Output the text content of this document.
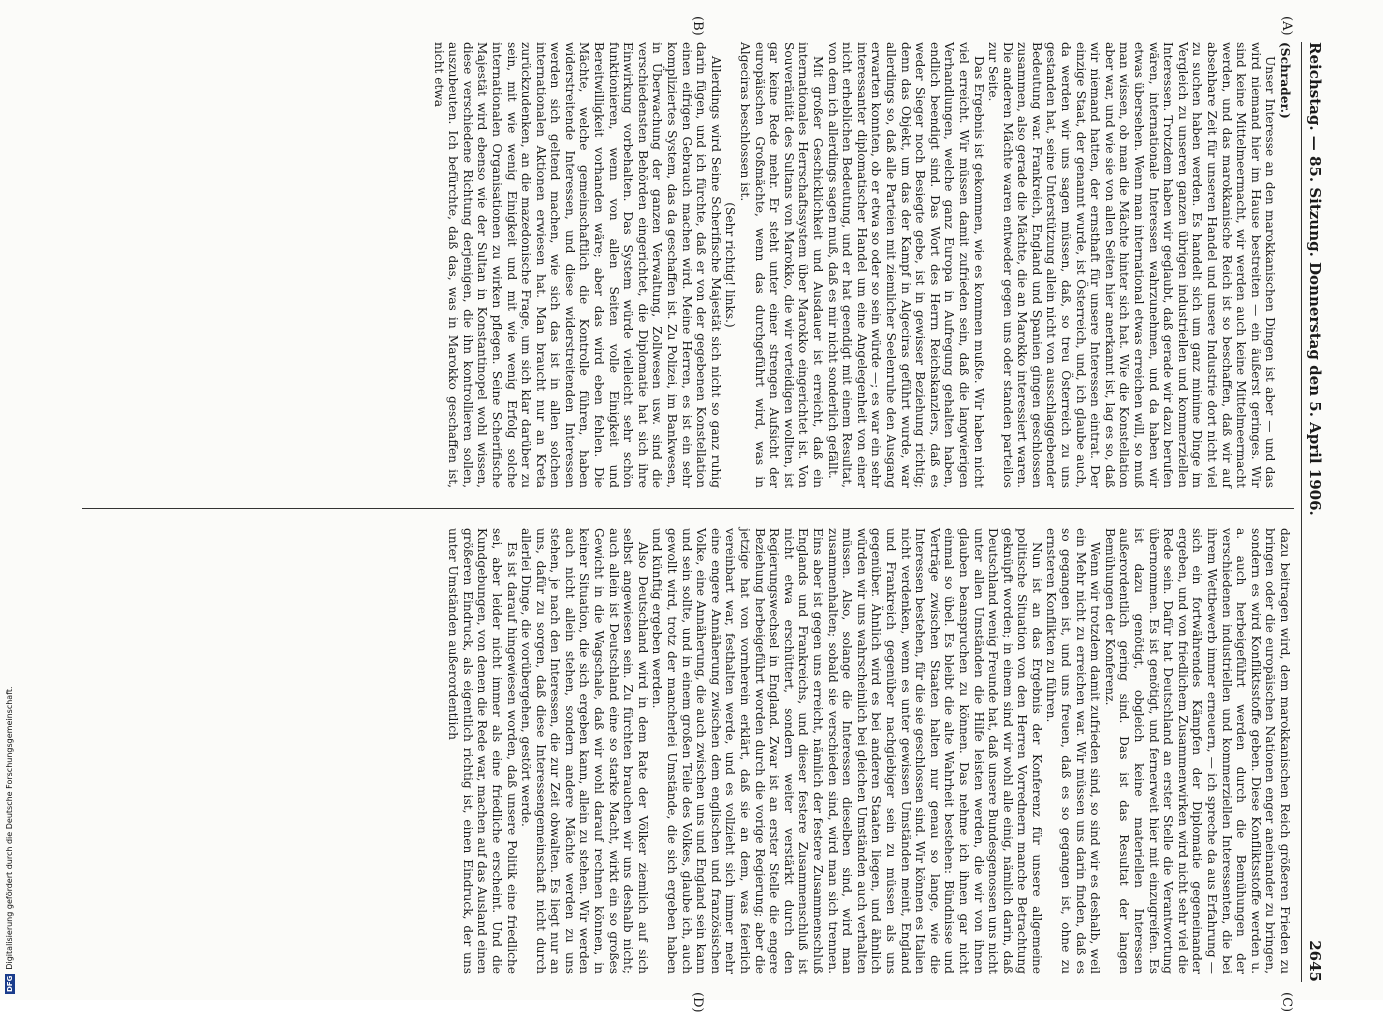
Reichstag. — 85. Sitzung. Donnerstag den 5. April 1906.
2645
(A)
(B)
(C)
(D)

(Schrader.)

Unser Interesse an den marokkanischen Dingen ist aber — und das wird niemand hier im Hause bestreiten — ein äußerst geringes. Wir sind keine Mittelmeermacht, wir werden auch keine Mittelmeermacht werden, und das marokkanische Reich ist so beschaffen, daß wir auf absehbare Zeit für unseren Handel und unsere Industrie dort nicht viel zu suchen haben werden. Es handelt sich um ganz minime Dinge im Vergleich zu unseren ganzen übrigen industriellen und kommerziellen Interessen. Trotzdem haben wir geglaubt, daß gerade wir dazu berufen wären, internationale Interessen wahrzunehmen, und da haben wir etwas übersehen. Wenn man international etwas erreichen will, so muß man wissen, ob man die Mächte hinter sich hat. Wie die Konstellation aber war, und wie sie von allen Seiten hier anerkannt ist, lag es so, daß wir niemand hatten, der ernsthaft für unsere Interessen eintrat. Der einzige Staat, der genannt wurde, ist Österreich, und, ich glaube auch, da werden wir uns sagen müssen, daß, so treu Österreich zu uns gestanden hat, seine Unterstützung allein nicht von ausschlaggebender Bedeutung war. Frankreich, England und Spanien gingen geschlossen zusammen, also gerade die Mächte, die an Marokko interessiert waren. Die anderen Mächte waren entweder gegen uns oder standen parteilos zur Seite.

Das Ergebnis ist gekommen, wie es kommen mußte. Wir haben nicht viel erreicht. Wir müssen damit zufrieden sein, daß die langwierigen Verhandlungen, welche ganz Europa in Aufregung gehalten haben, endlich beendigt sind. Das Wort des Herrn Reichskanzlers, daß es weder Sieger noch Besiegte gebe, ist in gewisser Beziehung richtig; denn das Objekt, um das der Kampf in Algeciras geführt wurde, war allerdings so, daß alle Parteien mit ziemlicher Seelenruhe den Ausgang erwarten konnten, ob er etwa so oder so sein würde —; es war ein sehr interessanter diplomatischer Handel um eine Angelegenheit von einer nicht erheblichen Bedeutung, und er hat geendigt mit einem Resultat, von dem ich allerdings sagen muß, daß es mir nicht sonderlich gefällt.

Mit großer Geschicklichkeit und Ausdauer ist erreicht, daß ein internationales Herrschaftssystem über Marokko eingerichtet ist. Von Souveränität des Sultans von Marokko, die wir verteidigen wollten, ist gar keine Rede mehr. Er steht unter einer strengen Aufsicht der europäischen Großmächte, wenn das durchgeführt wird, was in Algeciras beschlossen ist.

(Sehr richtig! links.)

Allerdings wird Seine Scherifische Majestät sich nicht so ganz ruhig darin fügen, und ich fürchte, daß er von der gegebenen Konstellation einen eifrigen Gebrauch machen wird. Meine Herren, es ist ein sehr kompliziertes System, das da geschaffen ist. Zu Polizei, im Bankwesen, in Überwachung der ganzen Verwaltung, Zollwesen usw. sind die verschiedensten Behörden eingerichtet, die Diplomatie hat sich ihre Einwirkung vorbehalten. Das System würde vielleicht sehr schön funktionieren, wenn von allen Seiten volle Einigkeit und Bereitwilligkeit vorhanden wäre; aber das wird eben fehlen. Die Mächte, welche gemeinschaftlich die Kontrolle führen, haben widerstreitende Interessen, und diese widerstreitenden Interessen werden sich geltend machen, wie sich das ist in allen solchen internationalen Aktionen erwiesen hat. Man braucht nur an Kreta zurückzudenken, an die mazedonische Frage, um sich klar darüber zu sein, mit wie wenig Einigkeit und mit wie wenig Erfolg solche internationalen Organisationen zu wirken pflegen. Seine Scherifische Majestät wird ebenso wie der Sultan in Konstantinopel wohl wissen, diese verschiedene Richtung derjenigen, die ihn kontrollieren sollen, auszubeuten. Ich befürchte, daß das, was in Marokko geschaffen ist, nicht etwa

dazu beitragen wird, dem marokkanischen Reich größeren Frieden zu bringen oder die europäischen Nationen enger aneinander zu bringen, sondern es wird Konfliktsstoffe geben. Diese Konfliktsstoffe werden u. a. auch herbeigeführt werden durch die Bemühungen der verschiedenen industriellen und kommerziellen Interessenten, die bei ihrem Wettbewerb immer erneuern, — ich spreche da aus Erfahrung — sich ein fortwährendes Kämpfen der Diplomatie gegeneinander ergeben, und von friedlichem Zusammenwirken wird nicht sehr viel die Rede sein. Dafür hat Deutschland an erster Stelle die Verantwortung übernommen. Es ist genötigt, und fernerweit hier mit einzugreifen. Es ist dazu genötigt, obgleich keine materiellen Interessen außerordentlich gering sind. Das ist das Resultat der langen Bemühungen der Konferenz.

Wenn wir trotzdem damit zufrieden sind, so sind wir es deshalb, weil ein Mehr nicht zu erreichen war. Wir müssen uns darin finden, daß es so gegangen ist, und uns freuen, daß es so gegangen ist, ohne zu ernsteren Konflikten zu führen.

Nun ist an das Ergebnis der Konferenz für unsere allgemeine politische Situation von den Herren Vorrednern manche Betrachtung geknüpft worden; in einem sind wir wohl alle einig, nämlich darin, daß Deutschland wenig Freunde hat, daß unsere Bundesgenossen uns nicht unter allen Umständen die Hilfe leisten werden, die wir von ihnen glauben beanspruchen zu können. Das nehme ich ihnen gar nicht einmal so übel. Es bleibt die alte Wahrheit bestehen: Bündnisse und Verträge zwischen Staaten halten nur genau so lange, wie die Interessen bestehen, für die sie geschlossen sind. Wir können es Italien nicht verdenken, wenn es unter gewissen Umständen meint, England und Frankreich gegenüber nachgiebiger sein zu müssen als uns gegenüber. Ähnlich wird es bei anderen Staaten liegen, und ähnlich würden wir uns wahrscheinlich bei gleichen Umständen auch verhalten müssen. Also, solange die Interessen dieselben sind, wird man zusammenhalten; sobald sie verschieden sind, wird man sich trennen. Eins aber ist gegen uns erreicht, nämlich der festere Zusammenschluß Englands und Frankreichs, und dieser festere Zusammenschluß ist nicht etwa erschüttert, sondern weiter verstärkt durch den Regierungswechsel in England. Zwar ist an erster Stelle die engere Beziehung herbeigeführt worden durch die vorige Regierung; aber die jetzige hat von vornherein erklärt, daß sie an dem, was feierlich vereinbart war, festhalten werde, und es vollzieht sich immer mehr eine engere Annäherung zwischen dem englischen und französischen Volke, eine Annäherung, die auch zwischen uns und England sein kann und sein sollte, und in einem großen Teile des Volkes, glaube ich, auch gewollt wird, trotz der mancherlei Umstände, die sich ergeben haben und künftig ergeben werden.

Also Deutschland wird in dem Rate der Völker ziemlich auf sich selbst angewiesen sein. Zu fürchten brauchen wir uns deshalb nicht; auch allein ist Deutschland eine so starke Macht, wirkt ein so großes Gewicht in die Wagschale, daß wir wohl darauf rechnen können, in keiner Situation, die sich ergeben kann, allein zu stehen. Wir werden auch nicht allein stehen, sondern andere Mächte werden zu uns stehen, je nach den Interessen, die zur Zeit obwalten. Es liegt nur an uns, dafür zu sorgen, daß diese Interessengemeinschaft nicht durch allerlei Dinge, die vorübergehen, gestört werde.

Es ist darauf hingewiesen worden, daß unsere Politik eine friedliche sei, aber leider nicht immer als eine friedliche erscheint. Und die Kundgebungen, von denen die Rede war, machen auf das Ausland einen größeren Eindruck, als eigentlich richtig ist, einen Eindruck, der uns unter Umständen außerordentlich

DFG
Digitalisierung gefördert durch die Deutsche Forschungsgemeinschaft.
